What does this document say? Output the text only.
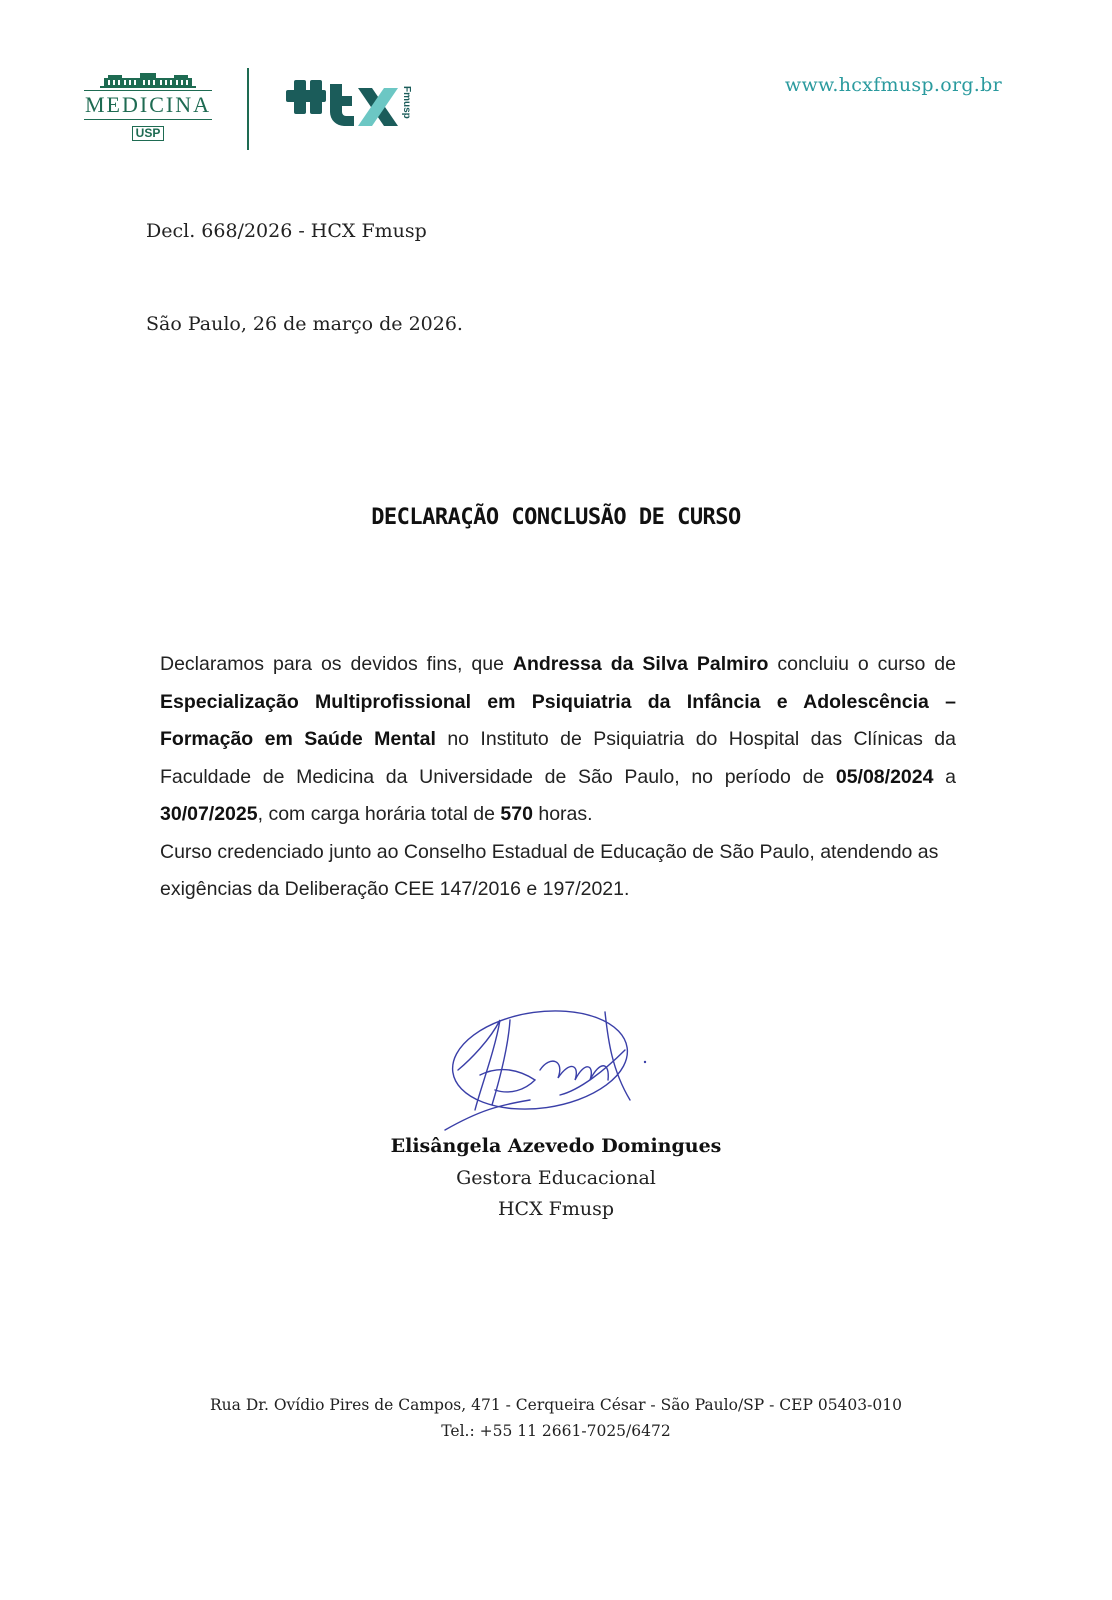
MEDICINA
USP
Fmusp
www.hcxfmusp.org.br
Decl. 668/2026 - HCX Fmusp
São Paulo, 26 de março de 2026.
DECLARAÇÃO CONCLUSÃO DE CURSO
Declaramos para os devidos fins, que Andressa da Silva Palmiro concluiu o curso de Especialização Multiprofissional em Psiquiatria da Infância e Adolescência – Formação em Saúde Mental no Instituto de Psiquiatria do Hospital das Clínicas da Faculdade de Medicina da Universidade de São Paulo, no período de 05/08/2024 a 30/07/2025, com carga horária total de 570 horas.
Curso credenciado junto ao Conselho Estadual de Educação de São Paulo, atendendo as exigências da Deliberação CEE 147/2016 e 197/2021.
Elisângela Azevedo Domingues
Gestora Educacional
HCX Fmusp
Rua Dr. Ovídio Pires de Campos, 471 - Cerqueira César - São Paulo/SP - CEP 05403-010
Tel.: +55 11 2661-7025/6472
